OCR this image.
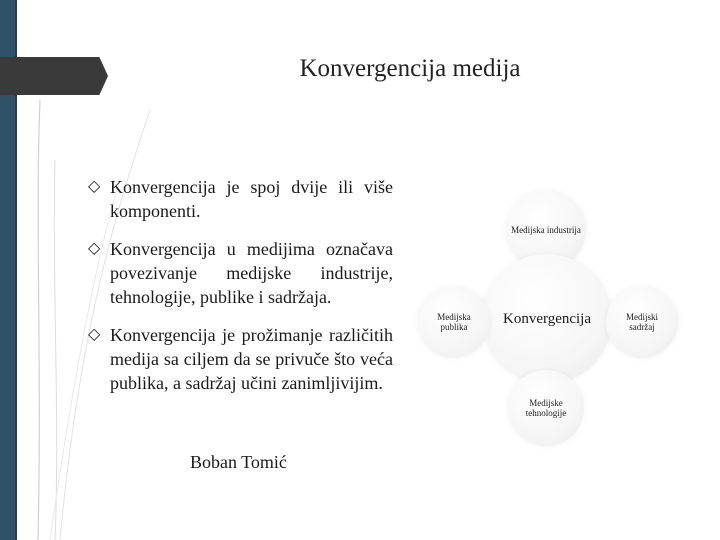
Konvergencija medija
◇ Konvergencija je spoj dvije ili više komponenti.
◇ Konvergencija u medijima označava povezivanje medijske industrije, tehnologije, publike i sadržaja.
◇ Konvergencija je prožimanje različitih medija sa ciljem da se privuče što veća publika, a sadržaj učini zanimljivijim.
Boban Tomić
Medijska industrija
Konvergencija
Medijska publika
Medijski sadržaj
Medijske tehnologije
